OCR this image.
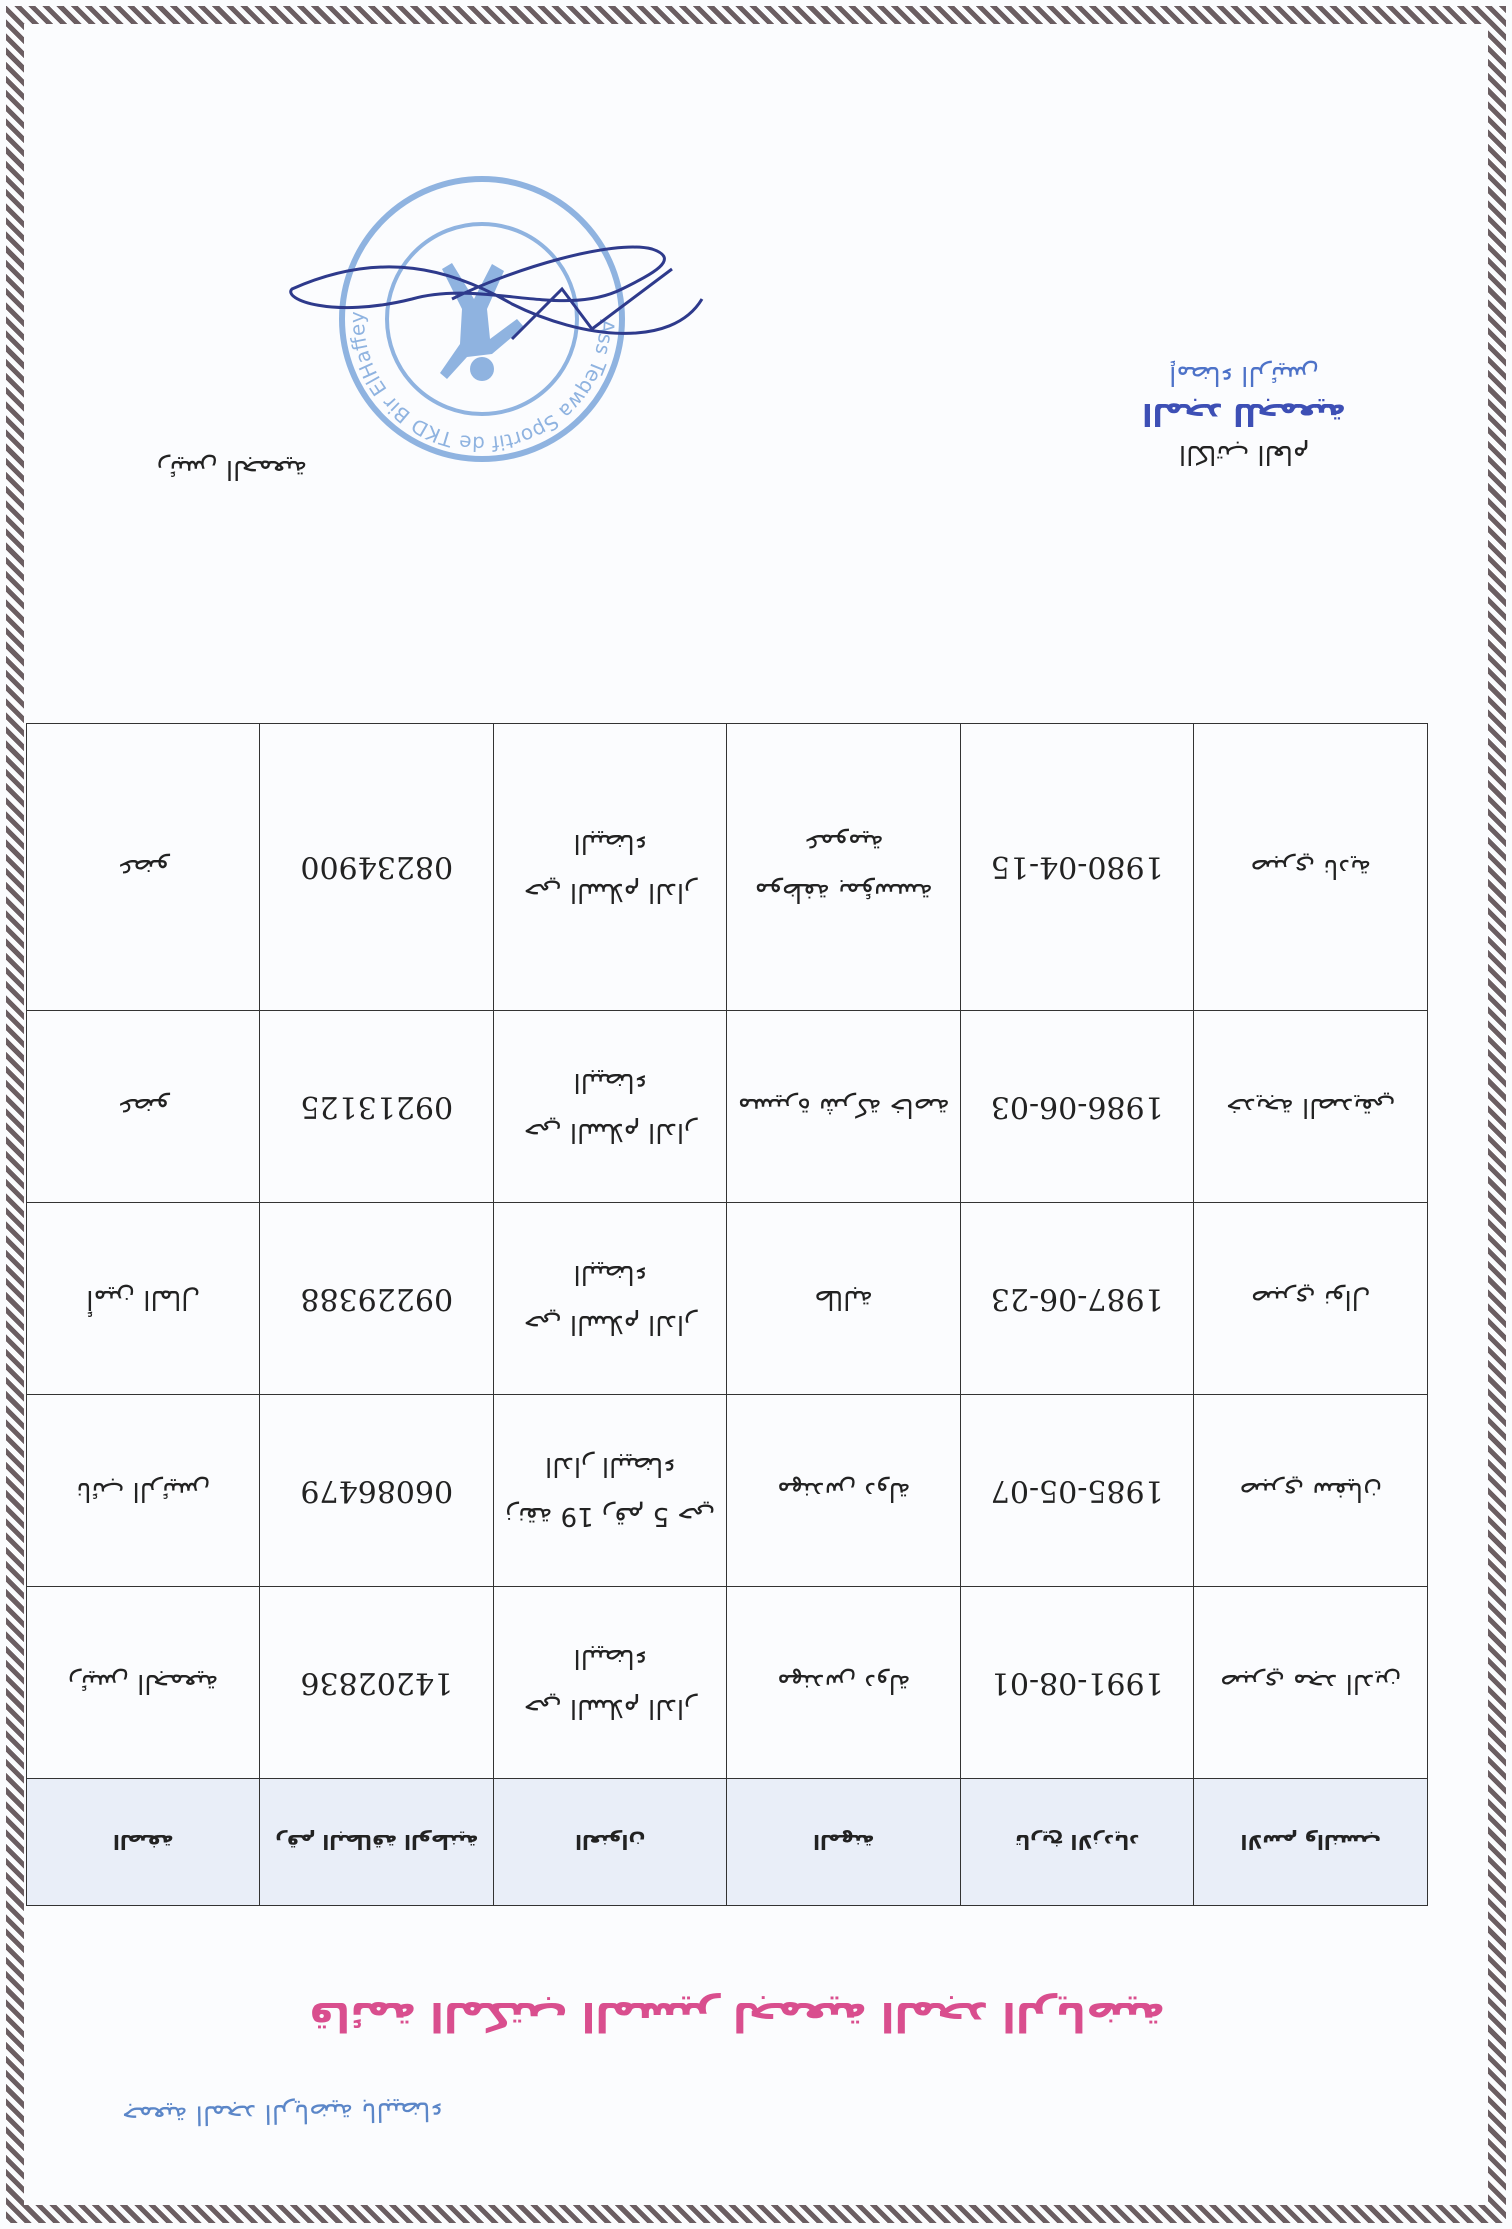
جمعية المجد الرياضية بالبيضاء
قائمة المكتب المسير لجمعية المجد الرياضية
الصفة	رقم البطاقة الوطنية	العنوان	المهنة	تاريخ الازدياد	الاسم والنسب
رئيس الجمعية	14202836	حي السلام الدار البيضاء	مهندس دولة	1991-08-01	صبري مجد الدين
نائب الرئيس	06086479	زنقة 19 رقم 5 حي الدار البيضاء	مهندس دولة	1985-05-07	صبري سفيان
أمين المال	09229388	حي السلام الدار البيضاء	طالبة	1987-06-23	صبري نوال
عضو	09213125	حي السلام الدار البيضاء	مسيرة شركة خاصة	1986-06-03	خديجة الصديقي
عضو	08234900	حي السلام الدار البيضاء	موظفة بمؤسسة عمومية	1980-04-15	صبري نادية
الكاتب العام
المجد للجمعية
إمضاء الرئيس
رئيس الجمعية
Ass Teqwa Sportif de TKD Bir ElHaffey
